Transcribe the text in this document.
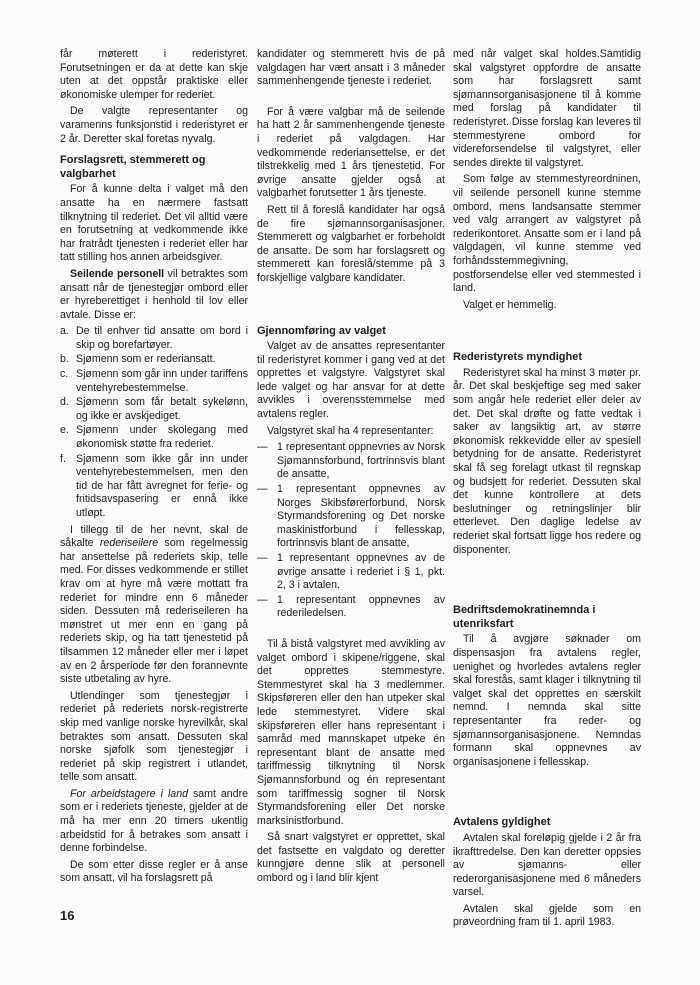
får møterett i rederistyret. Forutsetningen er da at dette kan skje uten at det oppstår praktiske eller økonomiske ulemper for rederiet.

De valgte representanter og varamenns funksjonstid i rederistyret er 2 år. Deretter skal foretas nyvalg.

Forslagsrett, stemmerett og valgbarhet

For å kunne delta i valget må den ansatte ha en nærmere fastsatt tilknytning til rederiet. Det vil alltid være en forutsetning at vedkommende ikke har fratrådt tjenesten i rederiet eller har tatt stilling hos annen arbeidsgiver.

Seilende personell vil betraktes som ansatt når de tjenestegjør ombord eller er hyreberettiget i henhold til lov eller avtale. Disse er:

a. De til enhver tid ansatte om bord i skip og borefartøyer.
b. Sjømenn som er rederiansatt.
c. Sjømenn som går inn under tariffens ventehyrebestemmelse.
d. Sjømenn som får betalt sykelønn, og ikke er avskjediget.
e. Sjømenn under skolegang med økonomisk støtte fra rederiet.
f. Sjømenn som ikke går inn under ventehyrebestemmelsen, men den tid de har fått avregnet for ferie- og fritidsavspasering er ennå ikke utløpt.

I tillegg til de her nevnt, skal de såkalte rederiseilere som regelmessig har ansettelse på rederiets skip, telle med. For disses vedkommende er stillet krav om at hyre må være mottatt fra rederiet for mindre enn 6 måneder siden. Dessuten må rederiseileren ha mønstret ut mer enn en gang på rederiets skip, og ha tatt tjenestetid på tilsammen 12 måneder eller mer i løpet av en 2 årsperiode før den forannevnte siste utbetaling av hyre.

Utlendinger som tjenestegjør i rederiet på rederiets norsk-registrerte skip med vanlige norske hyrevilkår, skal betraktes som ansatt. Dessuten skal norske sjøfolk som tjenestegjør i rederiet på skip registrert i utlandet, telle som ansatt.

For arbeidstagere i land samt andre som er i rederiets tjeneste, gjelder at de må ha mer enn 20 timers ukentlig arbeidstid for å betrakes som ansatt i denne forbindelse.

De som etter disse regler er å anse som ansatt, vil ha forslagsrett på

kandidater og stemmerett hvis de på valgdagen har vært ansatt i 3 måneder sammenhengende tjeneste i rederiet.

For å være valgbar må de seilende ha hatt 2 år sammenhengende tjeneste i rederiet på valgdagen. Har vedkommende rederiansettelse, er det tilstrekkelig med 1 års tjenestetid. For øvrige ansatte gjelder også at valgbarhet forutsetter 1 års tjeneste.

Rett til å foreslå kandidater har også de fire sjømannsorganisasjoner. Stemmerett og valgbarhet er forbeholdt de ansatte. De som har forslagsrett og stemmerett kan foreslå/stemme på 3 forskjellige valgbare kandidater.

Gjennomføring av valget

Valget av de ansattes representanter til rederistyret kommer i gang ved at det opprettes et valgstyre. Valgstyret skal lede valget og har ansvar for at dette avvikles i overensstemmelse med avtalens regler.

Valgstyret skal ha 4 representanter:

— 1 representant oppnevnes av Norsk Sjømannsforbund, fortrinnsvis blant de ansatte,
— 1 representant oppnevnes av Norges Skibsførerforbund, Norsk Styrmandsforening og Det norske maskinistforbund i fellesskap, fortrinnsvis blant de ansatte,
— 1 representant oppnevnes av de øvrige ansatte i rederiet i § 1, pkt. 2, 3 i avtalen.
— 1 representant oppnevnes av rederiledelsen.

Til å bistå valgstyret med avvikling av valget ombord i skipene/riggene, skal det opprettes stemmestyre. Stemmestyret skal ha 3 medlemmer. Skipsføreren eller den han utpeker skal lede stemmestyret. Videre skal skipsføreren eller hans representant i samråd med mannskapet utpeke én representant blant de ansatte med tariffmessig tilknytning til Norsk Sjømannsforbund og én representant som tariffmessig sogner til Norsk Styrmandsforening eller Det norske marksinistforbund.

Så snart valgstyret er opprettet, skal det fastsette en valgdato og deretter kunngjøre denne slik at personell ombord og i land blir kjent

med når valget skal holdes.Samtidig skal valgstyret oppfordre de ansatte som har forslagsrett samt sjømannsorganisasjonene til å komme med forslag på kandidater til rederistyret. Disse forslag kan leveres til stemmestyrene ombord for videreforsendelse til valgstyret, eller sendes direkte til valgstyret.

Som følge av stemmestyreordninen, vil seilende personell kunne stemme ombord, mens landsansatte stemmer ved valg arrangert av valgstyret på rederikontoret. Ansatte som er i land på valgdagen, vil kunne stemme ved forhåndsstemmegivning, postforsendelse eller ved stemmested i land.

Valget er hemmelig.

Rederistyrets myndighet

Rederistyret skal ha minst 3 møter pr. år. Det skal beskjeftige seg med saker som angår hele rederiet eller deler av det. Det skal drøfte og fatte vedtak i saker av langsiktig art, av større økonomisk rekkevidde eller av spesiell betydning for de ansatte. Rederistyret skal få seg forelagt utkast til regnskap og budsjett for rederiet. Dessuten skal det kunne kontrollere at dets beslutninger og retningslinjer blir etterlevet. Den daglige ledelse av rederiet skal fortsatt ligge hos redere og disponenter.

Bedriftsdemokratinemnda i utenriksfart

Til å avgjøre søknader om dispensasjon fra avtalens regler, uenighet og hvorledes avtalens regler skal forestås, samt klager i tilknytning til valget skal det opprettes en særskilt nemnd. I nemnda skal sitte representanter fra reder- og sjømannsorganisasjonene. Nemndas formann skal oppnevnes av organisasjonene i fellesskap.

Avtalens gyldighet

Avtalen skal foreløpig gjelde i 2 år fra ikrafttredelse. Den kan deretter oppsies av sjømanns- eller rederorganisasjonene med 6 måneders varsel.

Avtalen skal gjelde som en prøveordning fram til 1. april 1983.

16
